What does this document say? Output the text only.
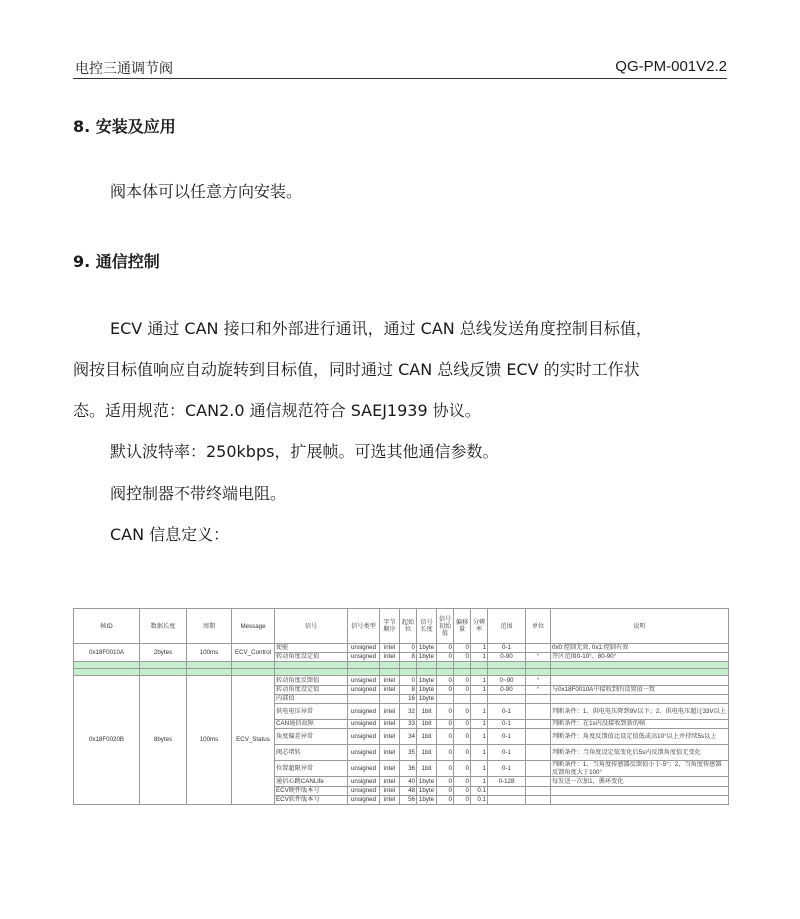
电控三通调节阀	QG-PM-001V2.2
8. 安装及应用
阀本体可以任意方向安装。
9. 通信控制
ECV 通过 CAN 接口和外部进行通讯，通过 CAN 总线发送角度控制目标值，
阀按目标值响应自动旋转到目标值，同时通过 CAN 总线反馈 ECV 的实时工作状
态。适用规范：CAN2.0 通信规范符合 SAEJ1939 协议。
默认波特率：250kbps，扩展帧。可选其他通信参数。
阀控制器不带终端电阻。
CAN 信息定义：
帧ID	数据长度	周期	Message	信号	信号类型	字节顺序	起始位	信号长度	信号初始值	偏移量	分辨率	范围	单位	说明
0x18F0010A	2bytes	100ms	ECV_Control	使能	unsigned	intel	0	1byte	0	0	1	0-1		0x0:控制无效, 0x1:控制有效
				转动角度设定值	unsigned	intel	8	1byte	0	0	1	0-90	°	开区范围0-10°、80-90°

0x18F0020B	8bytes	100ms	ECV_Status	转动角度反馈值	unsigned	intel	0	1byte	0	0	1	0~90	°	
				转动角度设定值	unsigned	intel	8	1byte	0	0	1	0-90	°	与0x18F0010A中接收到的设置值一致
				内部值			16	1byte						
				供电电压异常	unsigned	intel	32	1bit	0	0	1	0-1		判断条件：1、供电电压降到9V以下；2、供电电压超过33V以上
				CAN通信故障	unsigned	intel	33	1bit	0	0	1	0-1		判断条件：在1s内没接收到新的帧
				角度偏差异常	unsigned	intel	34	1bit	0	0	1	0-1		判断条件：角度反馈值比设定值低或高10°以上并持续5s以上
				阀芯堵转	unsigned	intel	35	1bit	0	0	1	0-1		判断条件：当角度设定值变化后5s内反馈角度值无变化
				位置超限异常	unsigned	intel	36	1bit	0	0	1	0-1		判断条件：1、当角度传感器反馈值小于-5°；2、当角度传感器反馈角度大于100°
				通信心跳CANLife	unsigned	intel	40	1byte	0	0	1	0-128		每发送一次加1，循环变化
				ECV硬件版本号	unsigned	intel	48	1byte	0	0	0.1			
				ECV软件版本号	unsigned	intel	56	1byte	0	0	0.1			
